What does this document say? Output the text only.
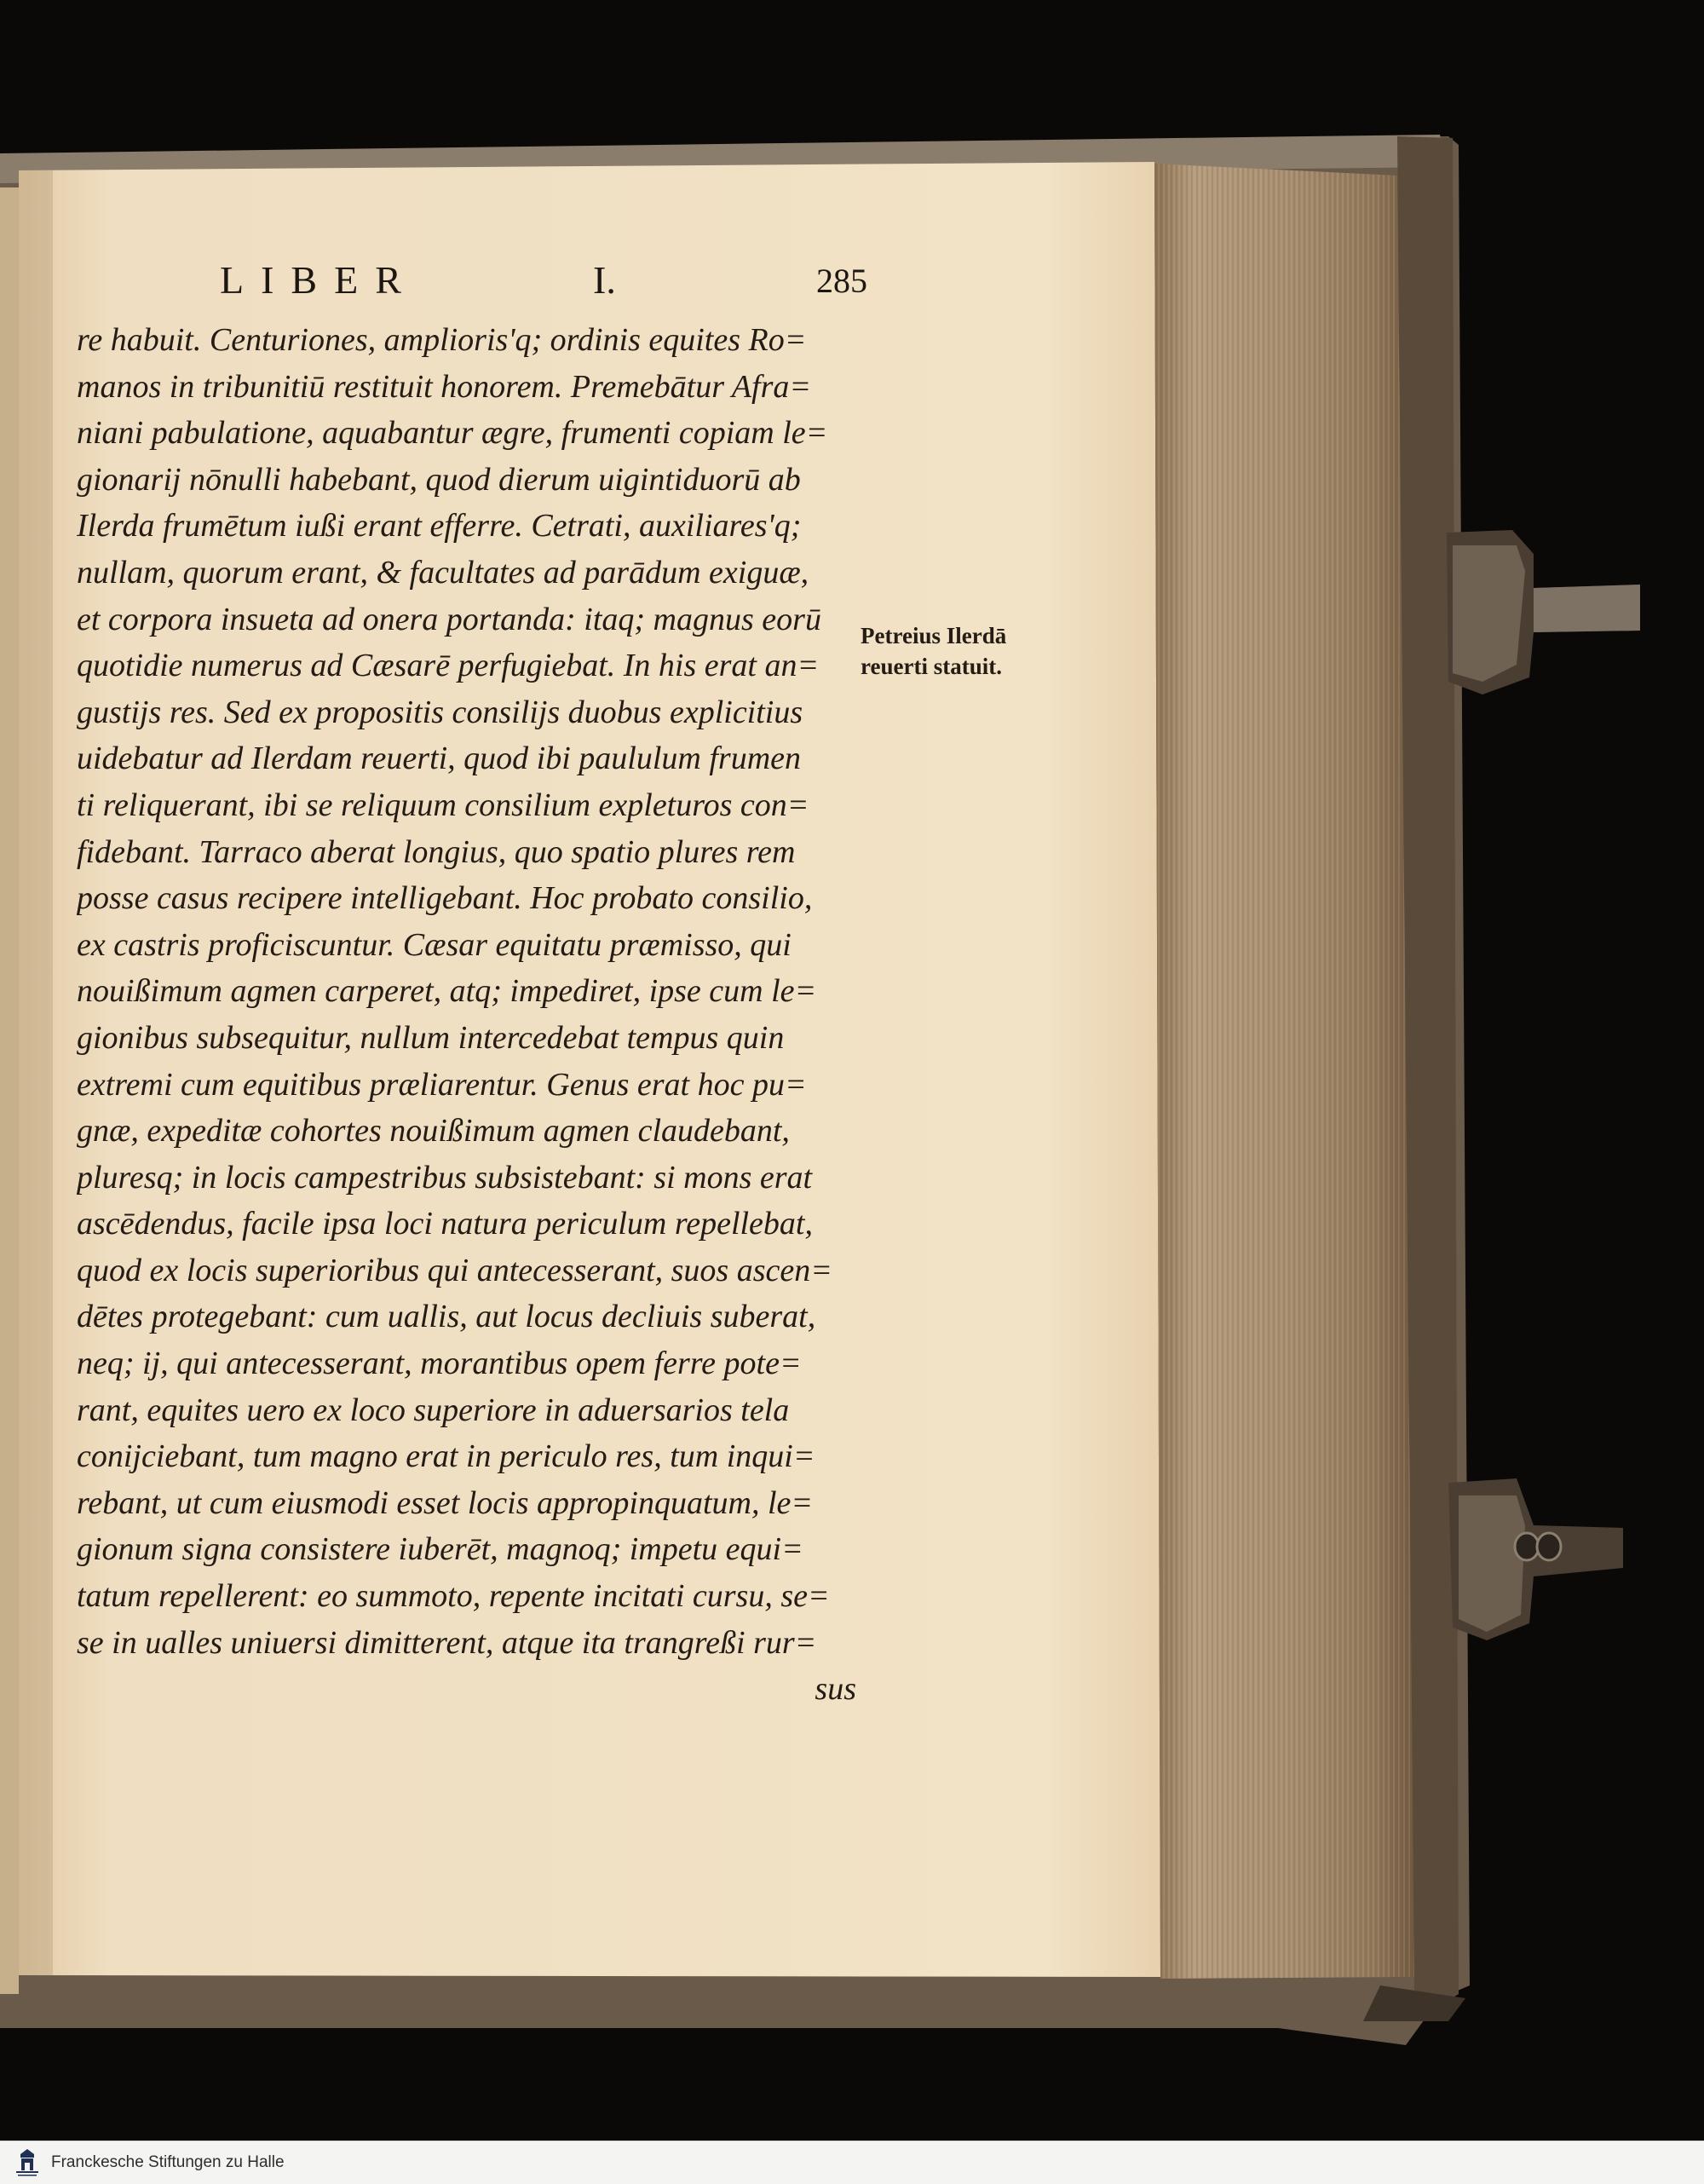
LIBER	I.	285
re habuit. Centuriones, amplioris'q; ordinis equites Ro=
manos in tribunitiū restituit honorem. Premebātur Afra=
niani pabulatione, aquabantur ægre, frumenti copiam le=
gionarij nōnulli habebant, quod dierum uigintiduorū ab
Ilerda frumētum iußi erant efferre. Cetrati, auxiliares'q;
nullam, quorum erant, & facultates ad parādum exiguæ,
et corpora insueta ad onera portanda: itaq; magnus eorū
quotidie numerus ad Cæsarē perfugiebat. In his erat an=
gustijs res. Sed ex propositis consilijs duobus explicitius
uidebatur ad Ilerdam reuerti, quod ibi paululum frumen
ti reliquerant, ibi se reliquum consilium expleturos con=
fidebant. Tarraco aberat longius, quo spatio plures rem
posse casus recipere intelligebant. Hoc probato consilio,
ex castris proficiscuntur. Cæsar equitatu præmisso, qui
nouißimum agmen carperet, atq; impediret, ipse cum le=
gionibus subsequitur, nullum intercedebat tempus quin
extremi cum equitibus præliarentur. Genus erat hoc pu=
gnæ, expeditæ cohortes nouißimum agmen claudebant,
pluresq; in locis campestribus subsistebant: si mons erat
ascēdendus, facile ipsa loci natura periculum repellebat,
quod ex locis superioribus qui antecesserant, suos ascen=
dētes protegebant: cum uallis, aut locus decliuis suberat,
neq; ij, qui antecesserant, morantibus opem ferre pote=
rant, equites uero ex loco superiore in aduersarios tela
conijciebant, tum magno erat in periculo res, tum inqui=
rebant, ut cum eiusmodi esset locis appropinquatum, le=
gionum signa consistere iuberēt, magnoq; impetu equi=
tatum repellerent: eo summoto, repente incitati cursu, se=
se in ualles uniuersi dimitterent, atque ita trangreßi rur=
sus
Petreius Ilerdā
reuerti statuit.
Franckesche Stiftungen zu Halle
